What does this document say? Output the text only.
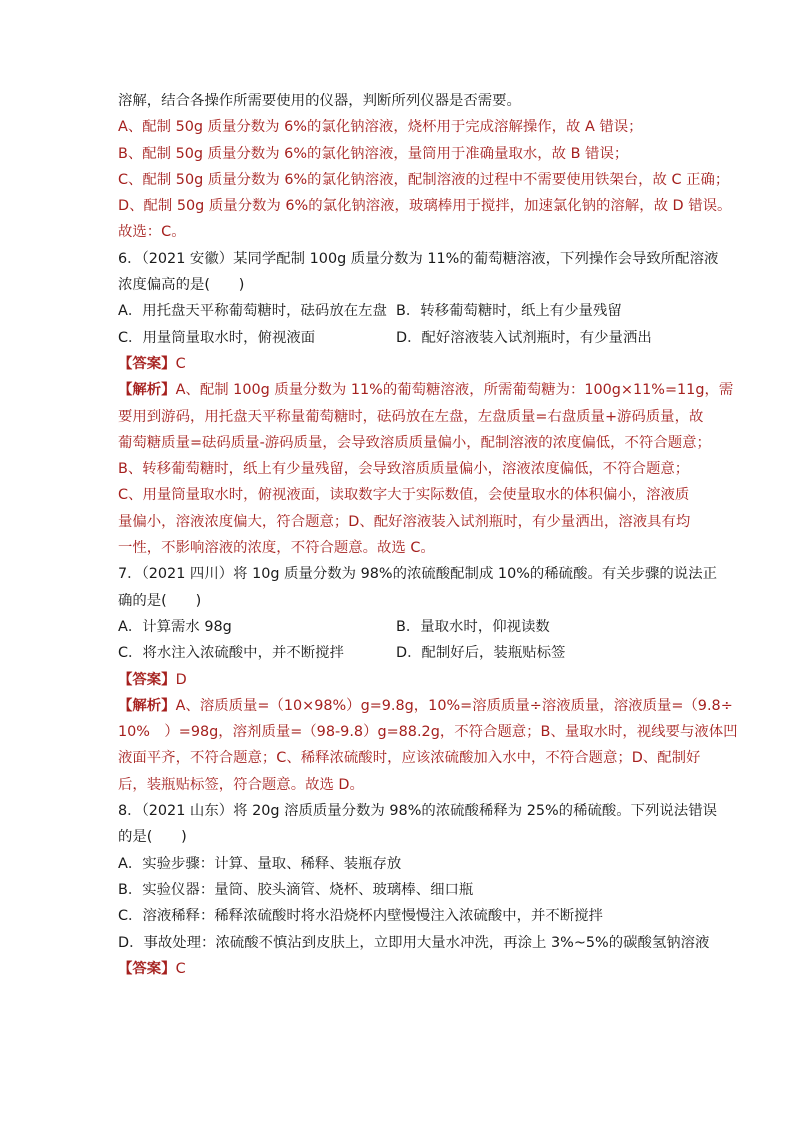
溶解，结合各操作所需要使用的仪器，判断所列仪器是否需要。
A、配制 50g 质量分数为 6%的氯化钠溶液，烧杯用于完成溶解操作，故 A 错误；
B、配制 50g 质量分数为 6%的氯化钠溶液，量筒用于准确量取水，故 B 错误；
C、配制 50g 质量分数为 6%的氯化钠溶液，配制溶液的过程中不需要使用铁架台，故 C 正确；
D、配制 50g 质量分数为 6%的氯化钠溶液，玻璃棒用于搅拌，加速氯化钠的溶解，故 D 错误。
故选：C。
6．（2021 安徽）某同学配制 100g 质量分数为 11%的葡萄糖溶液，下列操作会导致所配溶液
浓度偏高的是(　　)
A．用托盘天平称葡萄糖时，砝码放在左盘 B．转移葡萄糖时，纸上有少量残留
C．用量筒量取水时，俯视液面	D．配好溶液装入试剂瓶时，有少量洒出
【答案】C
【解析】A、配制 100g 质量分数为 11%的葡萄糖溶液，所需葡萄糖为：100g×11%=11g，需
要用到游码，用托盘天平称量葡萄糖时，砝码放在左盘，左盘质量=右盘质量+游码质量，故
葡萄糖质量=砝码质量-游码质量，会导致溶质质量偏小，配制溶液的浓度偏低，不符合题意；
B、转移葡萄糖时，纸上有少量残留，会导致溶质质量偏小，溶液浓度偏低，不符合题意；
C、用量筒量取水时，俯视液面，读取数字大于实际数值，会使量取水的体积偏小，溶液质
量偏小，溶液浓度偏大，符合题意；D、配好溶液装入试剂瓶时，有少量洒出，溶液具有均
一性，不影响溶液的浓度，不符合题意。故选 C。
7．（2021 四川）将 10g 质量分数为 98%的浓硫酸配制成 10%的稀硫酸。有关步骤的说法正
确的是(　　)
A．计算需水 98g	B．量取水时，仰视读数
C．将水注入浓硫酸中，并不断搅拌	D．配制好后，装瓶贴标签
【答案】D
【解析】A、溶质质量=（10×98%）g=9.8g，10%=溶质质量÷溶液质量，溶液质量=（9.8÷
10%　）=98g，溶剂质量=（98-9.8）g=88.2g，不符合题意；B、量取水时，视线要与液体凹
液面平齐，不符合题意；C、稀释浓硫酸时，应该浓硫酸加入水中，不符合题意；D、配制好
后，装瓶贴标签，符合题意。故选 D。
8．（2021 山东）将 20g 溶质质量分数为 98%的浓硫酸稀释为 25%的稀硫酸。下列说法错误
的是(　　)
A．实验步骤：计算、量取、稀释、装瓶存放
B．实验仪器：量筒、胶头滴管、烧杯、玻璃棒、细口瓶
C．溶液稀释：稀释浓硫酸时将水沿烧杯内壁慢慢注入浓硫酸中，并不断搅拌
D．事故处理：浓硫酸不慎沾到皮肤上，立即用大量水冲洗，再涂上 3%~5%的碳酸氢钠溶液
【答案】C
